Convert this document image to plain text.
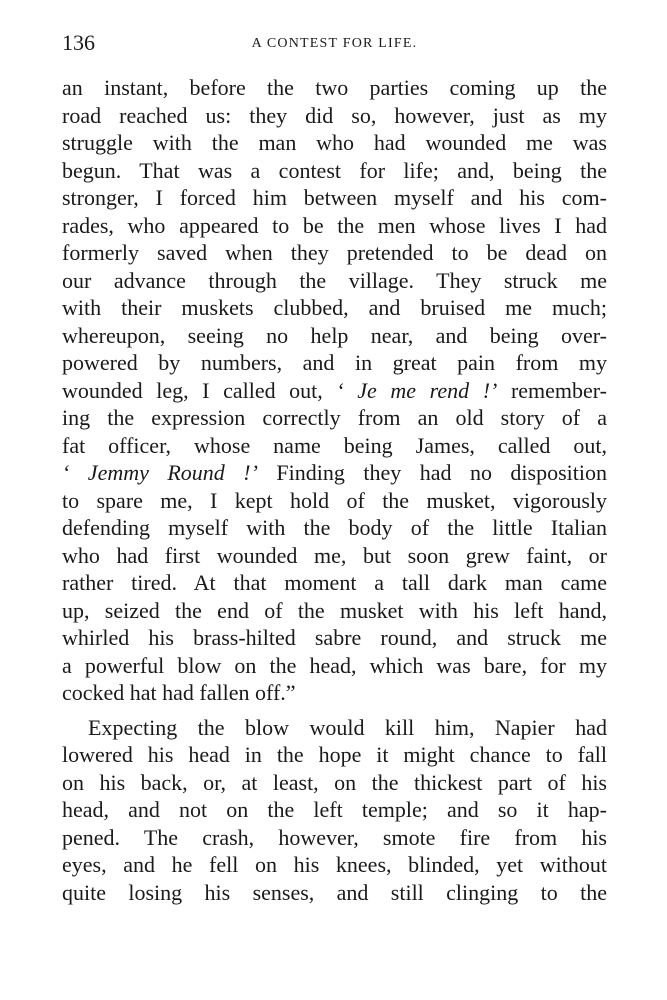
136	A CONTEST FOR LIFE.
an instant, before the two parties coming up the
road reached us: they did so, however, just as my
struggle with the man who had wounded me was
begun. That was a contest for life; and, being the
stronger, I forced him between myself and his com-
rades, who appeared to be the men whose lives I had
formerly saved when they pretended to be dead on
our advance through the village. They struck me
with their muskets clubbed, and bruised me much;
whereupon, seeing no help near, and being over-
powered by numbers, and in great pain from my
wounded leg, I called out, ‘ Je me rend !’ remember-
ing the expression correctly from an old story of a
fat officer, whose name being James, called out,
‘ Jemmy Round !’ Finding they had no disposition
to spare me, I kept hold of the musket, vigorously
defending myself with the body of the little Italian
who had first wounded me, but soon grew faint, or
rather tired. At that moment a tall dark man came
up, seized the end of the musket with his left hand,
whirled his brass-hilted sabre round, and struck me
a powerful blow on the head, which was bare, for my
cocked hat had fallen off.”
Expecting the blow would kill him, Napier had
lowered his head in the hope it might chance to fall
on his back, or, at least, on the thickest part of his
head, and not on the left temple; and so it hap-
pened. The crash, however, smote fire from his
eyes, and he fell on his knees, blinded, yet without
quite losing his senses, and still clinging to the
